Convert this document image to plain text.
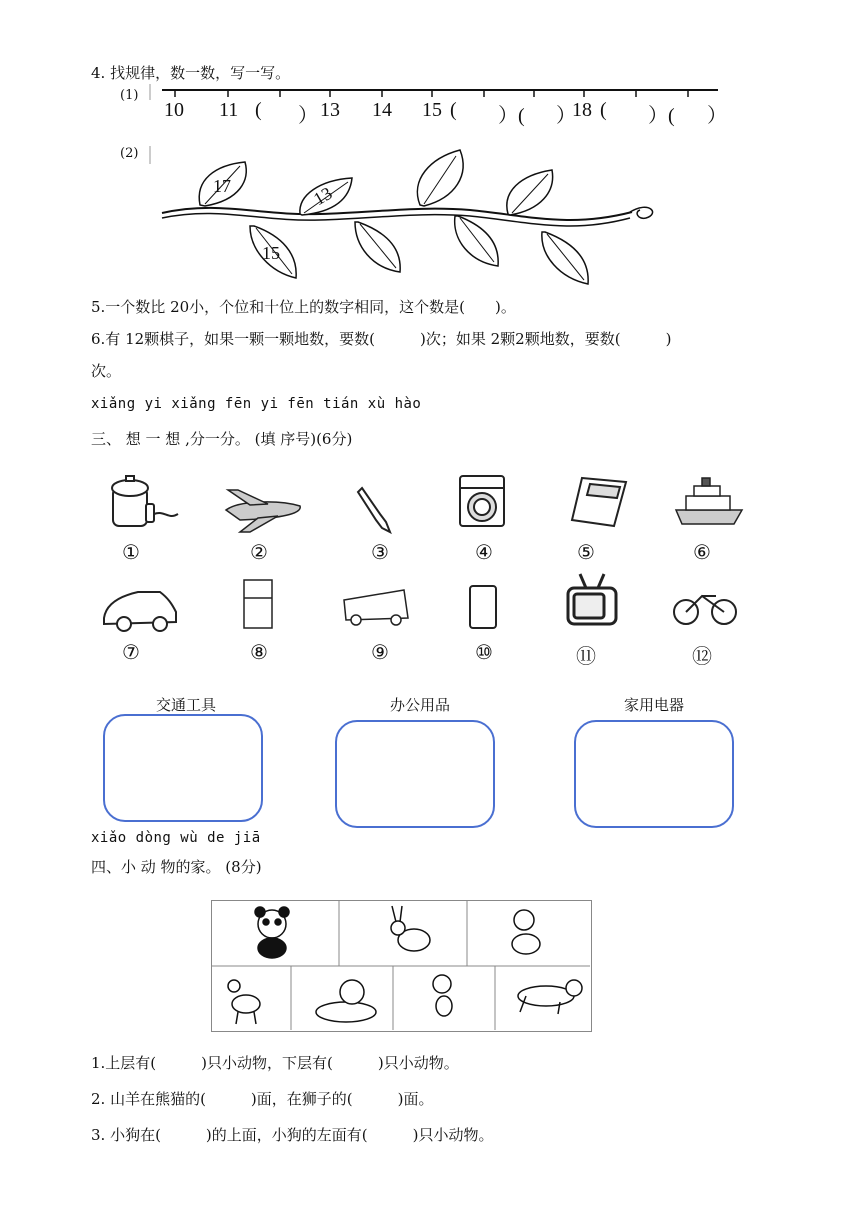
4. 找规律，数一数，写一写。
(1)
10 11 ( ） 13 14 15 ( ）( ）
18 ( ）( ）
(2)
17	13
15
5.一个数比 20小，个位和十位上的数字相同，这个数是(　　)。
6.有 12颗棋子，如果一颗一颗地数，要数(　　　)次；如果 2颗2颗地数，要数(　　　)
次。
xiǎng yi xiǎng fēn yi fēn tián xù hào
三、 想 一 想 ,分一分。 (填 序号)(6分)
①	②	③	④	⑤	⑥
⑦	⑧	⑨	⑩	⑪	⑫
交通工具	办公用品	家用电器
xiǎo dòng wù de jiā
四、小 动 物的家。 (8分)
1.上层有(　　　)只小动物，下层有(　　　)只小动物。
2. 山羊在熊猫的(　　　)面，在狮子的(　　　)面。
3. 小狗在(　　　)的上面，小狗的左面有(　　　)只小动物。
